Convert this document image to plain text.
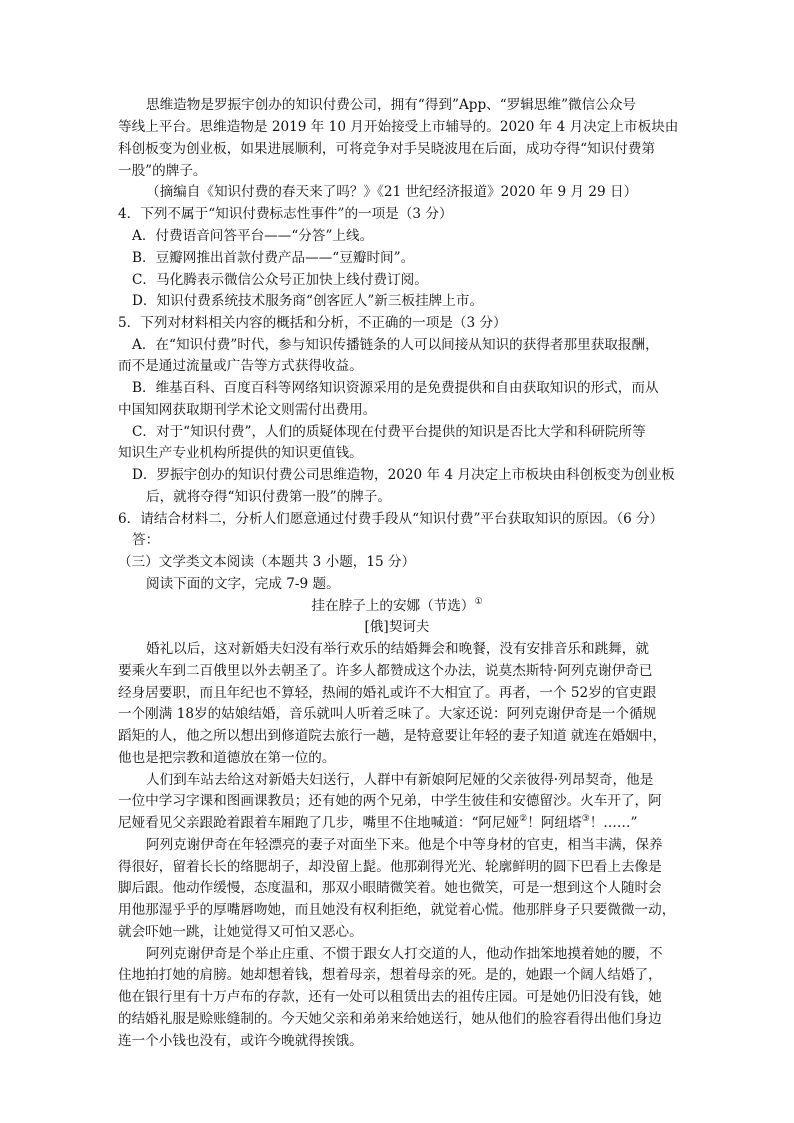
思维造物是罗振宇创办的知识付费公司，拥有“得到”App、“罗辑思维”微信公众号
等线上平台。思维造物是 2019 年 10 月开始接受上市辅导的。2020 年 4 月决定上市板块由
科创板变为创业板，如果进展顺利，可将竞争对手吴晓波甩在后面，成功夺得“知识付费第
一股”的牌子。
（摘编自《知识付费的春天来了吗？》《21 世纪经济报道》2020 年 9 月 29 日）
4．下列不属于“知识付费标志性事件”的一项是（3 分）
A．付费语音问答平台——“分答”上线。
B．豆瓣网推出首款付费产品——“豆瓣时间”。
C．马化腾表示微信公众号正加快上线付费订阅。
D．知识付费系统技术服务商“创客匠人”新三板挂牌上市。
5．下列对材料相关内容的概括和分析，不正确的一项是（3 分）
A．在“知识付费”时代，参与知识传播链条的人可以间接从知识的获得者那里获取报酬，
而不是通过流量或广告等方式获得收益。
B．维基百科、百度百科等网络知识资源采用的是免费提供和自由获取知识的形式，而从
中国知网获取期刊学术论文则需付出费用。
C．对于“知识付费”，人们的质疑体现在付费平台提供的知识是否比大学和科研院所等
知识生产专业机构所提供的知识更值钱。
D．罗振宇创办的知识付费公司思维造物，2020 年 4 月决定上市板块由科创板变为创业板
后，就将夺得“知识付费第一股”的牌子。
6．请结合材料二，分析人们愿意通过付费手段从“知识付费”平台获取知识的原因。（6 分）
答：
（三）文学类文本阅读（本题共 3 小题，15 分）
阅读下面的文字，完成 7-9 题。
挂在脖子上的安娜（节选）①
[俄]契诃夫
婚礼以后，这对新婚夫妇没有举行欢乐的结婚舞会和晚餐，没有安排音乐和跳舞，就
要乘火车到二百俄里以外去朝圣了。许多人都赞成这个办法，说莫杰斯特·阿列克谢伊奇已
经身居要职，而且年纪也不算轻，热闹的婚礼或许不大相宜了。再者，一个 52岁的官吏跟
一个刚满 18岁的姑娘结婚，音乐就叫人听着乏味了。大家还说：阿列克谢伊奇是一个循规
蹈矩的人，他之所以想出到修道院去旅行一趟，是特意要让年轻的妻子知道 就连在婚姻中，
他也是把宗教和道德放在第一位的。
人们到车站去给这对新婚夫妇送行，人群中有新娘阿尼娅的父亲彼得·列昂契奇，他是
一位中学习字课和图画课教员；还有她的两个兄弟，中学生彼佳和安德留沙。火车开了，阿
尼娅看见父亲跟跄着跟着车厢跑了几步，嘴里不住地喊道：“阿尼娅②！阿纽塔③！……”
阿列克谢伊奇在年轻漂亮的妻子对面坐下来。他是个中等身材的官吏，相当丰满，保养
得很好，留着长长的络腮胡子，却没留上髭。他那剃得光光、轮廓鲜明的圆下巴看上去像是
脚后跟。他动作缓慢，态度温和，那双小眼睛微笑着。她也微笑，可是一想到这个人随时会
用他那湿乎乎的厚嘴唇吻她，而且她没有权利拒绝，就觉着心慌。他那胖身子只要微微一动，
就会吓她一跳，让她觉得又可怕又恶心。
阿列克谢伊奇是个举止庄重、不惯于跟女人打交道的人，他动作拙笨地摸着她的腰，不
住地拍打她的肩膀。她却想着钱，想着母亲，想着母亲的死。是的，她跟一个阔人结婚了，
他在银行里有十万卢布的存款，还有一处可以租赁出去的祖传庄园。可是她仍旧没有钱，她
的结婚礼服是赊账缝制的。今天她父亲和弟弟来给她送行，她从他们的脸容看得出他们身边
连一个小钱也没有，或许今晚就得挨饿。
